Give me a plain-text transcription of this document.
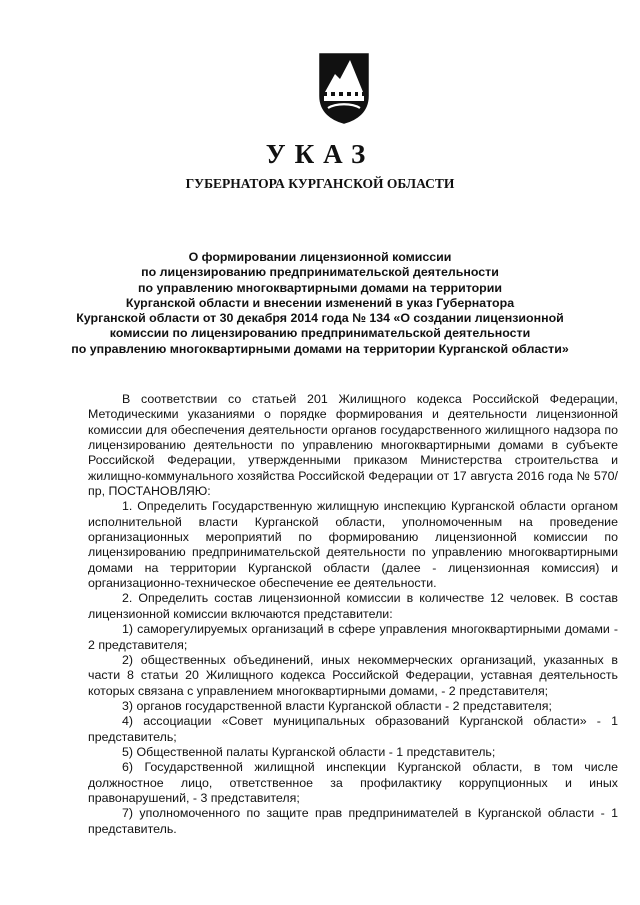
УКАЗ
ГУБЕРНАТОРА КУРГАНСКОЙ ОБЛАСТИ
О формировании лицензионной комиссии
по лицензированию предпринимательской деятельности
по управлению многоквартирными домами на территории
Курганской области и внесении изменений в указ Губернатора
Курганской области от 30 декабря 2014 года № 134 «О создании лицензионной
комиссии по лицензированию предпринимательской деятельности
по управлению многоквартирными домами на территории Курганской области»

В соответствии со статьей 201 Жилищного кодекса Российской Федерации, Методическими указаниями о порядке формирования и деятельности лицензионной комиссии для обеспечения деятельности органов государственного жилищного надзора по лицензированию деятельности по управлению многоквартирными домами в субъекте Российской Федерации, утвержденными приказом Министерства строительства и жилищно-коммунального хозяйства Российской Федерации от 17 августа 2016 года № 570/пр, ПОСТАНОВЛЯЮ:

1. Определить Государственную жилищную инспекцию Курганской области органом исполнительной власти Курганской области, уполномоченным на проведение организационных мероприятий по формированию лицензионной комиссии по лицензированию предпринимательской деятельности по управлению многоквартирными домами на территории Курганской области (далее - лицензионная комиссия) и организационно-техническое обеспечение ее деятельности.

2. Определить состав лицензионной комиссии в количестве 12 человек. В состав лицензионной комиссии включаются представители:

1) саморегулируемых организаций в сфере управления многоквартирными домами - 2 представителя;

2) общественных объединений, иных некоммерческих организаций, указанных в части 8 статьи 20 Жилищного кодекса Российской Федерации, уставная деятельность которых связана с управлением многоквартирными домами, - 2 представителя;

3) органов государственной власти Курганской области - 2 представителя;

4) ассоциации «Совет муниципальных образований Курганской области» - 1 представитель;

5) Общественной палаты Курганской области - 1 представитель;

6) Государственной жилищной инспекции Курганской области, в том числе должностное лицо, ответственное за профилактику коррупционных и иных правонарушений, - 3 представителя;

7) уполномоченного по защите прав предпринимателей в Курганской области - 1 представитель.
